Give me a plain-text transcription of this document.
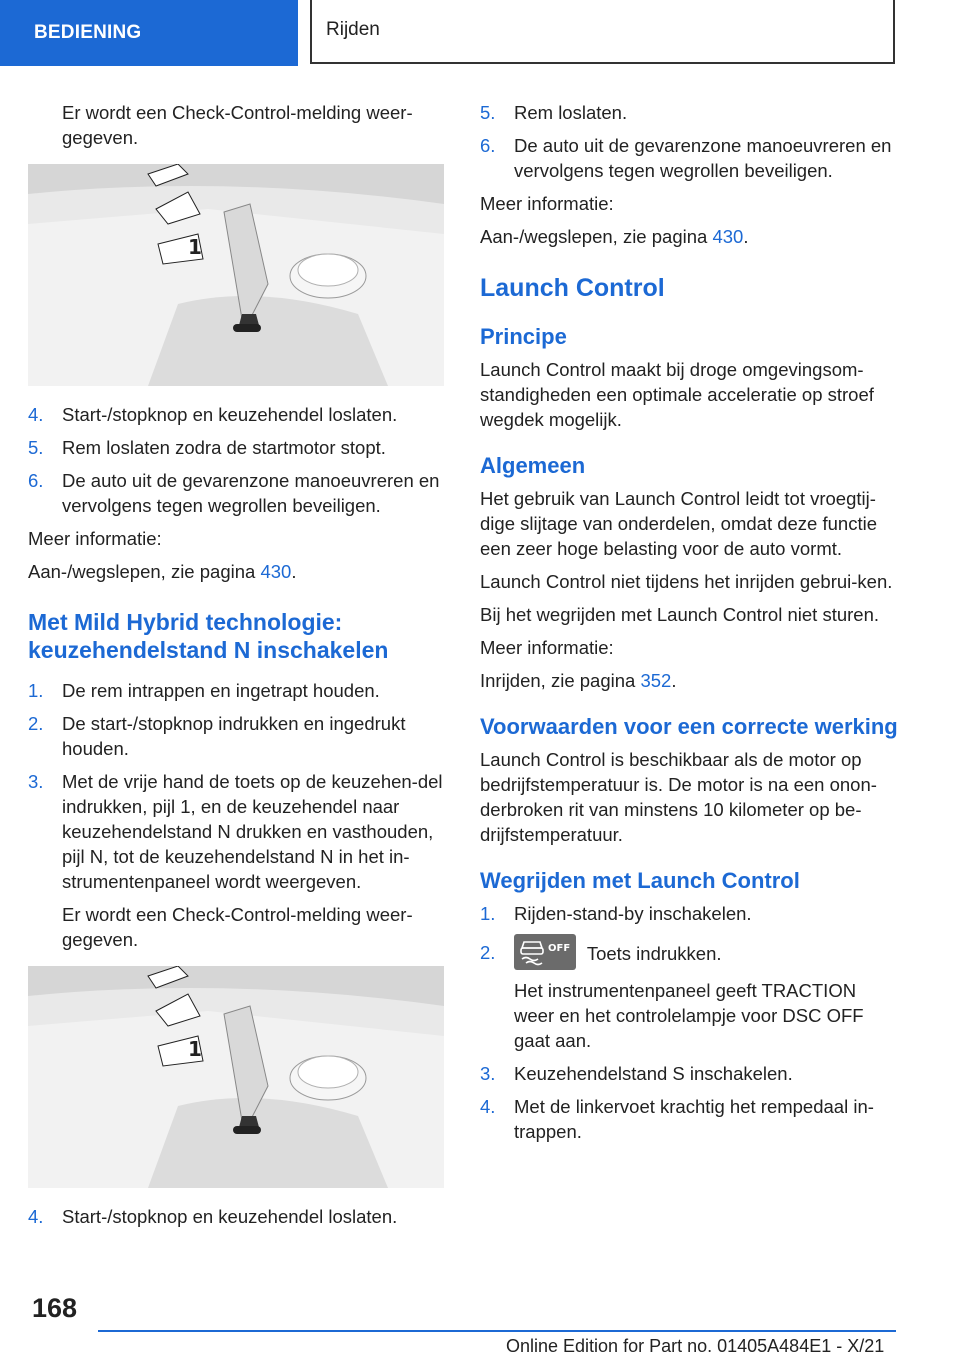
BEDIENING	Rijden

Er wordt een Check-Control-melding weer-gegeven.

1
4. Start-/stopknop en keuzehendel loslaten.
5. Rem loslaten zodra de startmotor stopt.
6. De auto uit de gevarenzone manoeuvreren en vervolgens tegen wegrollen beveiligen.

Meer informatie:

Aan-/wegslepen, zie pagina 430.

Met Mild Hybrid technologie: keuzehendelstand N inschakelen
1. De rem intrappen en ingetrapt houden.
2. De start-/stopknop indrukken en ingedrukt houden.
3. Met de vrije hand de toets op de keuzehen-del indrukken, pijl 1, en de keuzehendel naar keuzehendelstand N drukken en vasthouden, pijl N, tot de keuzehendelstand N in het in-strumentenpaneel wordt weergeven.

Er wordt een Check-Control-melding weer-gegeven.

1
4. Start-/stopknop en keuzehendel loslaten.
5. Rem loslaten.
6. De auto uit de gevarenzone manoeuvreren en vervolgens tegen wegrollen beveiligen.

Meer informatie:

Aan-/wegslepen, zie pagina 430.

Launch Control
Principe

Launch Control maakt bij droge omgevingsom-standigheden een optimale acceleratie op stroef wegdek mogelijk.

Algemeen

Het gebruik van Launch Control leidt tot vroegtij-dige slijtage van onderdelen, omdat deze functie een zeer hoge belasting voor de auto vormt.

Launch Control niet tijdens het inrijden gebrui-ken.

Bij het wegrijden met Launch Control niet sturen.

Meer informatie:

Inrijden, zie pagina 352.

Voorwaarden voor een correcte werking

Launch Control is beschikbaar als de motor op bedrijfstemperatuur is. De motor is na een onon-derbroken rit van minstens 10 kilometer op be-drijfstemperatuur.

Wegrijden met Launch Control
1. Rijden-stand-by inschakelen.
2.	OFF Toets indrukken.

Het instrumentenpaneel geeft TRACTION weer en het controlelampje voor DSC OFF gaat aan.

3. Keuzehendelstand S inschakelen.
4. Met de linkervoet krachtig het rempedaal in-trappen.
168
Online Edition for Part no. 01405A484E1 - X/21
